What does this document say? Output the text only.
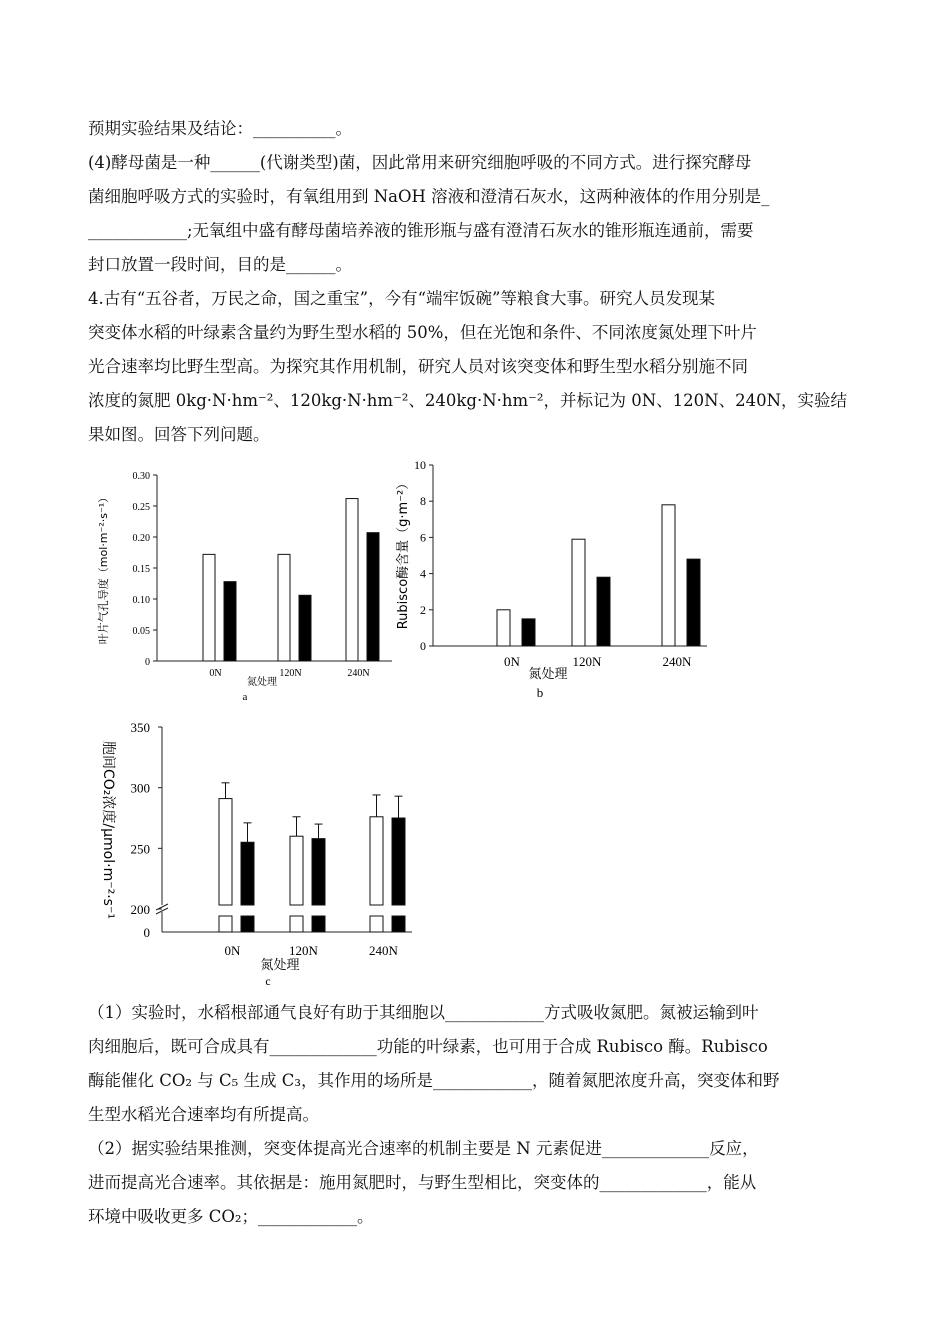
预期实验结果及结论：__________。
(4)酵母菌是一种______(代谢类型)菌，因此常用来研究细胞呼吸的不同方式。进行探究酵母
菌细胞呼吸方式的实验时，有氧组用到 NaOH 溶液和澄清石灰水，这两种液体的作用分别是_
____________;无氧组中盛有酵母菌培养液的锥形瓶与盛有澄清石灰水的锥形瓶连通前，需要
封口放置一段时间，目的是______。
4.古有“五谷者，万民之命，国之重宝”，今有“端牢饭碗”等粮食大事。研究人员发现某
突变体水稻的叶绿素含量约为野生型水稻的 50%，但在光饱和条件、不同浓度氮处理下叶片
光合速率均比野生型高。为探究其作用机制，研究人员对该突变体和野生型水稻分别施不同
浓度的氮肥 0kg·N·hm⁻²、120kg·N·hm⁻²、240kg·N·hm⁻²，并标记为 0N、120N、240N，实验结
果如图。回答下列问题。
氮处理
a
叶片气孔导度（mol·m⁻²·s⁻¹）
0
0.05
0.10
0.15
0.20
0.25
0.30
0N	120N	240N	氮处理
b
Rubisco酶含量（g·m⁻²）
0
2
4
6
8
10
0N	120N	240N
氮处理
c
胞间CO₂浓度/μmol·m⁻²·s⁻¹
0
200
250
300
350
0N	120N	240N
（1）实验时，水稻根部通气良好有助于其细胞以____________方式吸收氮肥。氮被运输到叶
肉细胞后，既可合成具有_____________功能的叶绿素，也可用于合成 Rubisco 酶。Rubisco
酶能催化 CO₂ 与 C₅ 生成 C₃，其作用的场所是____________，随着氮肥浓度升高，突变体和野
生型水稻光合速率均有所提高。
（2）据实验结果推测，突变体提高光合速率的机制主要是 N 元素促进_____________反应，
进而提高光合速率。其依据是：施用氮肥时，与野生型相比，突变体的_____________，能从
环境中吸收更多 CO₂；____________。
